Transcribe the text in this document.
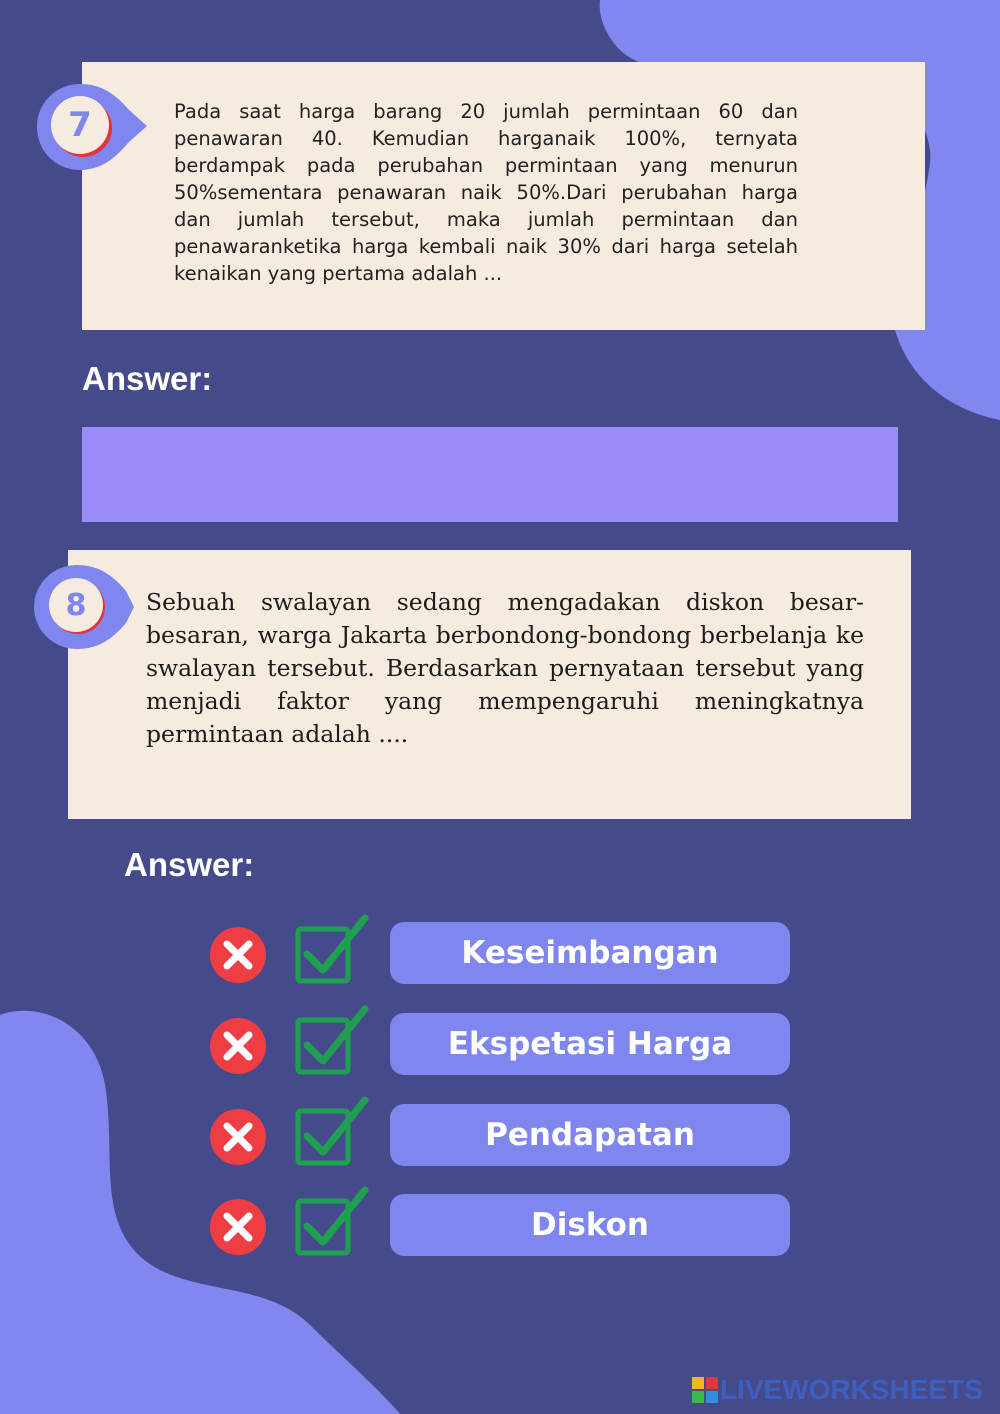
7	Pada saat harga barang 20 jumlah permintaan 60 dan penawaran 40. Kemudian harganaik 100%, ternyata berdampak pada perubahan permintaan yang menurun 50%sementara penawaran naik 50%.Dari perubahan harga dan jumlah tersebut, maka jumlah permintaan dan penawaranketika harga kembali naik 30% dari harga setelah kenaikan yang pertama adalah ...
Answer:
8	Sebuah swalayan sedang mengadakan diskon besar-besaran, warga Jakarta berbondong-bondong berbelanja ke swalayan tersebut. Berdasarkan pernyataan tersebut yang menjadi faktor yang mempengaruhi meningkatnya permintaan adalah ....
Answer:
Keseimbangan
Ekspetasi Harga
Pendapatan
Diskon
LIVEWORKSHEETS
